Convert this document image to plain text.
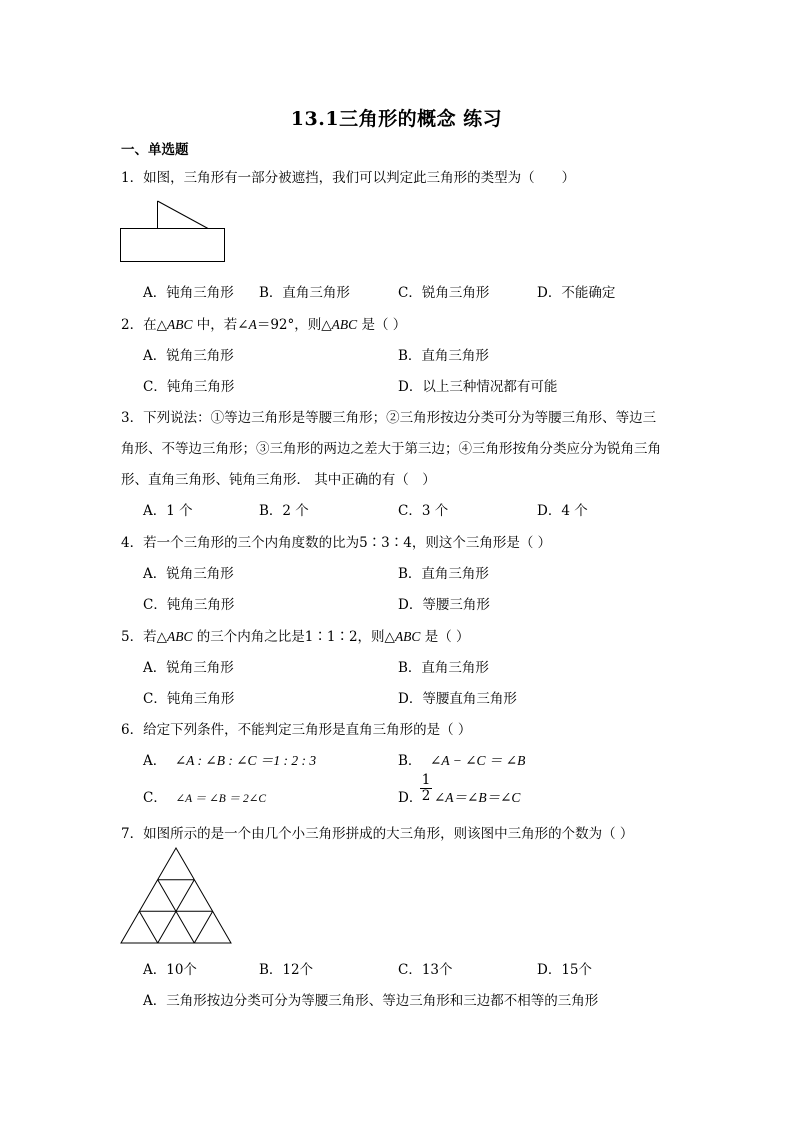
13.1三角形的概念 练习
一、单选题
1．如图，三角形有一部分被遮挡，我们可以判定此三角形的类型为（　　）
A．钝角三角形 B．直角三角形	C．锐角三角形	D．不能确定
2．在△ABC 中，若∠A＝92°，则△ABC 是（ ）
A．锐角三角形	B．直角三角形
C．钝角三角形	D．以上三种情况都有可能
3．下列说法：①等边三角形是等腰三角形；②三角形按边分类可分为等腰三角形、等边三
角形、不等边三角形；③三角形的两边之差大于第三边；④三角形按角分类应分为锐角三角
形、直角三角形、钝角三角形． 其中正确的有（　）
A．1 个	B．2 个	C．3 个	D．4 个
4．若一个三角形的三个内角度数的比为5∶3∶4，则这个三角形是（ ）
A．锐角三角形	B．直角三角形
C．钝角三角形	D．等腰三角形
5．若△ABC 的三个内角之比是1∶1∶2，则△ABC 是（ ）
A．锐角三角形	B．直角三角形
C．钝角三角形	D．等腰直角三角形
6．给定下列条件，不能判定三角形是直角三角形的是（ ）
A． ∠A : ∠B : ∠C ＝1 : 2 : 3	B． ∠A − ∠C ＝ ∠B
C． ∠A ＝ ∠B ＝ 2∠C	D．
$\frac{1}{2}$ ∠A＝∠B＝∠C
7．如图所示的是一个由几个小三角形拼成的大三角形，则该图中三角形的个数为（ ）
A．10个	B．12个	C．13个	D．15个
A．三角形按边分类可分为等腰三角形、等边三角形和三边都不相等的三角形
